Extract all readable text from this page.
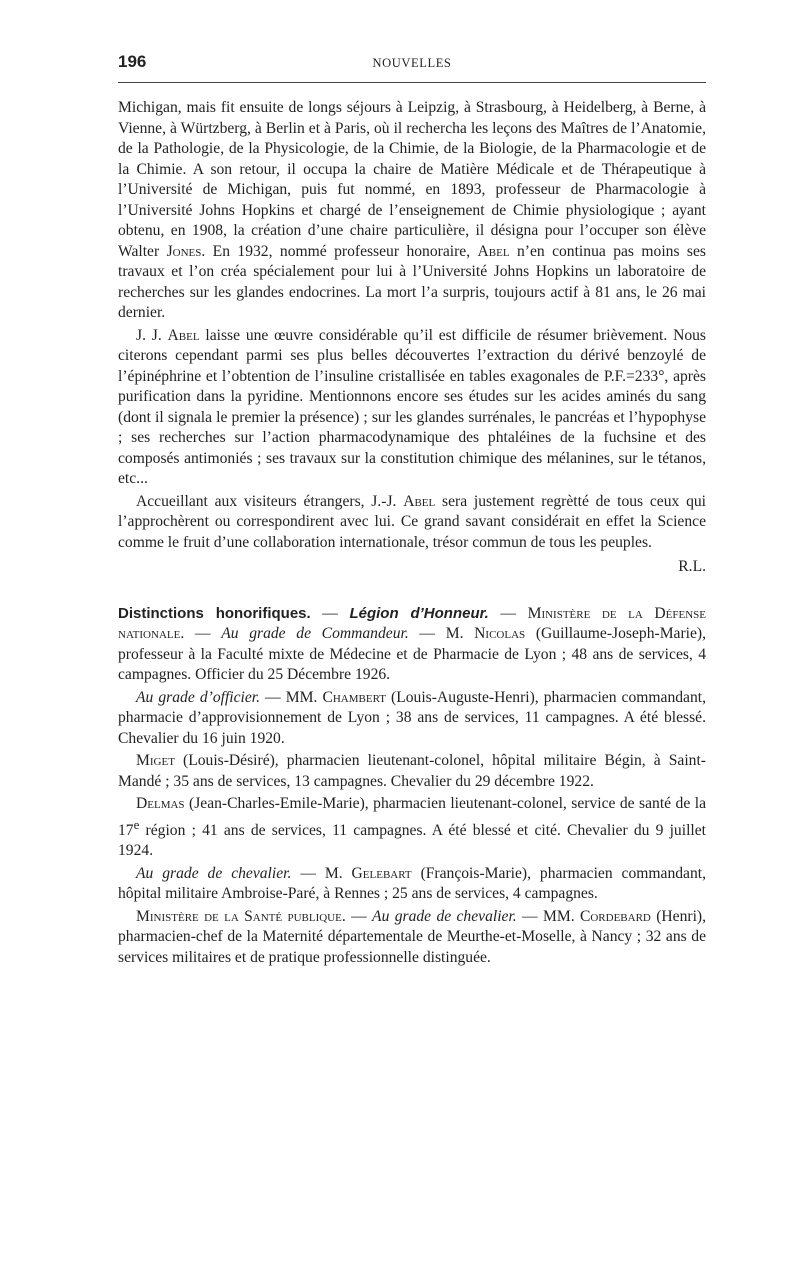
196	NOUVELLES

Michigan, mais fit ensuite de longs séjours à Leipzig, à Strasbourg, à Heidelberg, à Berne, à Vienne, à Würtzberg, à Berlin et à Paris, où il rechercha les leçons des Maîtres de l’Anatomie, de la Pathologie, de la Physicologie, de la Chimie, de la Biologie, de la Pharmacologie et de la Chimie. A son retour, il occupa la chaire de Matière Médicale et de Thérapeutique à l’Université de Michigan, puis fut nommé, en 1893, professeur de Pharmacologie à l’Université Johns Hopkins et chargé de l’enseignement de Chimie physiologique ; ayant obtenu, en 1908, la création d’une chaire particulière, il désigna pour l’occuper son élève Walter Jones. En 1932, nommé professeur honoraire, Abel n’en continua pas moins ses travaux et l’on créa spécialement pour lui à l’Université Johns Hopkins un laboratoire de recherches sur les glandes endocrines. La mort l’a surpris, toujours actif à 81 ans, le 26 mai dernier.

J. J. Abel laisse une œuvre considérable qu’il est difficile de résumer brièvement. Nous citerons cependant parmi ses plus belles découvertes l’extraction du dérivé benzoylé de l’épinéphrine et l’obtention de l’insuline cristallisée en tables exagonales de P.F.=233°, après purification dans la pyridine. Mentionnons encore ses études sur les acides aminés du sang (dont il signala le premier la présence) ; sur les glandes surrénales, le pancréas et l’hypophyse ; ses recherches sur l’action pharmacodynamique des phtaléines de la fuchsine et des composés antimoniés ; ses travaux sur la constitution chimique des mélanines, sur le tétanos, etc...

Accueillant aux visiteurs étrangers, J.-J. Abel sera justement regrètté de tous ceux qui l’approchèrent ou correspondirent avec lui. Ce grand savant considérait en effet la Science comme le fruit d’une collaboration internationale, trésor commun de tous les peuples.

R.L.

Distinctions honorifiques. — Légion d’Honneur. — Ministère de la Défense nationale. — Au grade de Commandeur. — M. Nicolas (Guillaume-Joseph-Marie), professeur à la Faculté mixte de Médecine et de Pharmacie de Lyon ; 48 ans de services, 4 campagnes. Officier du 25 Décembre 1926.

Au grade d’officier. — MM. Chambert (Louis-Auguste-Henri), pharmacien commandant, pharmacie d’approvisionnement de Lyon ; 38 ans de services, 11 campagnes. A été blessé. Chevalier du 16 juin 1920.

Miget (Louis-Désiré), pharmacien lieutenant-colonel, hôpital militaire Bégin, à Saint-Mandé ; 35 ans de services, 13 campagnes. Chevalier du 29 décembre 1922.

Delmas (Jean-Charles-Emile-Marie), pharmacien lieutenant-colonel, service de santé de la 17e région ; 41 ans de services, 11 campagnes. A été blessé et cité. Chevalier du 9 juillet 1924.

Au grade de chevalier. — M. Gelebart (François-Marie), pharmacien commandant, hôpital militaire Ambroise-Paré, à Rennes ; 25 ans de services, 4 campagnes.

Ministère de la Santé publique. — Au grade de chevalier. — MM. Cordebard (Henri), pharmacien-chef de la Maternité départementale de Meurthe-et-Moselle, à Nancy ; 32 ans de services militaires et de pratique professionnelle distinguée.
